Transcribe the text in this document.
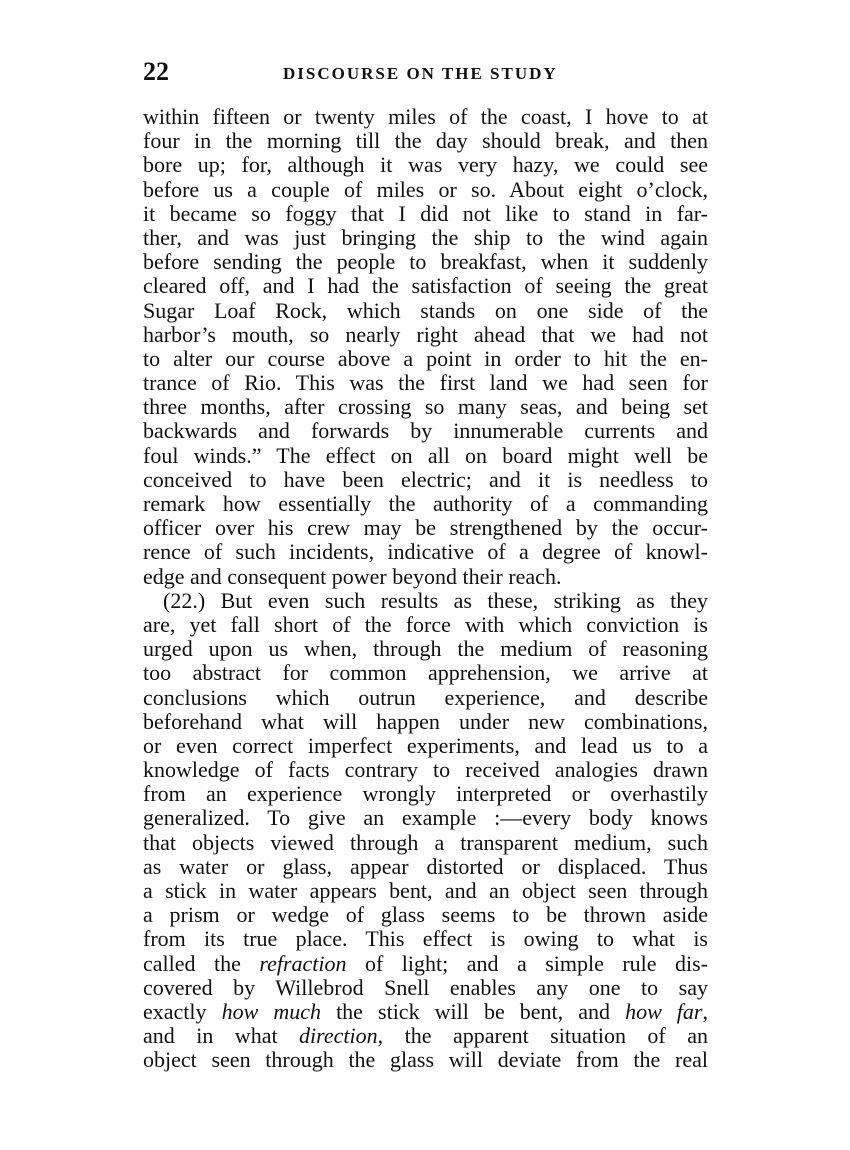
22	DISCOURSE ON THE STUDY
within fifteen or twenty miles of the coast, I hove to at
four in the morning till the day should break, and then
bore up; for, although it was very hazy, we could see
before us a couple of miles or so. About eight o’clock,
it became so foggy that I did not like to stand in far-
ther, and was just bringing the ship to the wind again
before sending the people to breakfast, when it suddenly
cleared off, and I had the satisfaction of seeing the great
Sugar Loaf Rock, which stands on one side of the
harbor’s mouth, so nearly right ahead that we had not
to alter our course above a point in order to hit the en-
trance of Rio. This was the first land we had seen for
three months, after crossing so many seas, and being set
backwards and forwards by innumerable currents and
foul winds.” The effect on all on board might well be
conceived to have been electric; and it is needless to
remark how essentially the authority of a commanding
officer over his crew may be strengthened by the occur-
rence of such incidents, indicative of a degree of knowl-
edge and consequent power beyond their reach.
(22.) But even such results as these, striking as they
are, yet fall short of the force with which conviction is
urged upon us when, through the medium of reasoning
too abstract for common apprehension, we arrive at
conclusions which outrun experience, and describe
beforehand what will happen under new combinations,
or even correct imperfect experiments, and lead us to a
knowledge of facts contrary to received analogies drawn
from an experience wrongly interpreted or overhastily
generalized. To give an example :—every body knows
that objects viewed through a transparent medium, such
as water or glass, appear distorted or displaced. Thus
a stick in water appears bent, and an object seen through
a prism or wedge of glass seems to be thrown aside
from its true place. This effect is owing to what is
called the refraction of light; and a simple rule dis-
covered by Willebrod Snell enables any one to say
exactly how much the stick will be bent, and how far,
and in what direction, the apparent situation of an
object seen through the glass will deviate from the real
